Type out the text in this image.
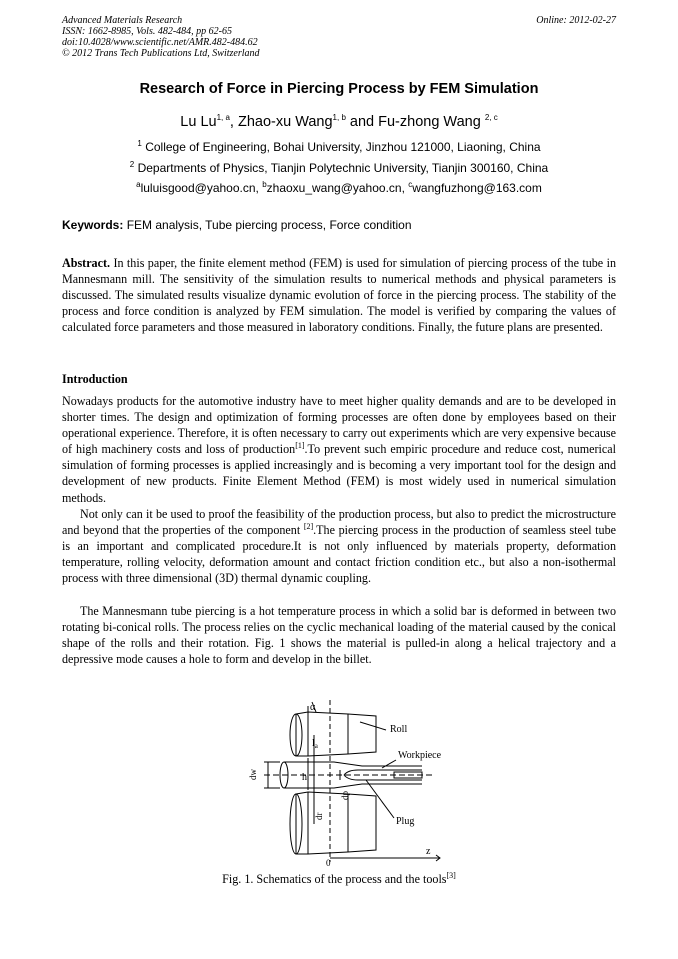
Advanced Materials Research
ISSN: 1662-8985, Vols. 482-484, pp 62-65
doi:10.4028/www.scientific.net/AMR.482-484.62
© 2012 Trans Tech Publications Ltd, Switzerland
Online: 2012-02-27
Research of Force in Piercing Process by FEM Simulation
Lu Lu$^{1, a}$, Zhao-xu Wang$^{1, b}$ and Fu-zhong Wang $^{2, c}$
$^1$ College of Engineering, Bohai University, Jinzhou 121000, Liaoning, China
$^2$ Departments of Physics, Tianjin Polytechnic University, Tianjin 300160, China
$^a$luluisgood@yahoo.cn, $^b$zhaoxu_wang@yahoo.cn, $^c$wangfuzhong@163.com
Keywords: FEM analysis, Tube piercing process, Force condition
Abstract. In this paper, the finite element method (FEM) is used for simulation of piercing process of the tube in Mannesmann mill. The sensitivity of the simulation results to numerical methods and physical parameters is discussed. The simulated results visualize dynamic evolution of force in the piercing process. The stability of the process and force condition is analyzed by FEM simulation. The model is verified by comparing the values of calculated force parameters and those measured in laboratory conditions. Finally, the future plans are presented.
Introduction
Nowadays products for the automotive industry have to meet higher quality demands and are to be developed in shorter times. The design and optimization of forming processes are often done by employees based on their operational experience. Therefore, it is often necessary to carry out experiments which are very expensive because of high machinery costs and loss of production[1].To prevent such empiric procedure and reduce cost, numerical simulation of forming processes is applied increasingly and is becoming a very important tool for the design and development of new products. Finite Element Method (FEM) is most widely used in numerical simulation methods.
Not only can it be used to proof the feasibility of the production process, but also to predict the microstructure and beyond that the properties of the component [2].The piercing process in the production of seamless steel tube is an important and complicated procedure.It is not only influenced by materials property, deformation temperature, rolling velocity, deformation amount and contact friction condition etc., but also a non-isothermal process with three dimensional (3D) thermal dynamic coupling.
The Mannesmann tube piercing is a hot temperature process in which a solid bar is deformed in between two rotating bi-conical rolls. The process relies on the cyclic mechanical loading of the material caused by the conical shape of the rolls and their rotation. Fig. 1 shows the material is pulled-in along a helical trajectory and a depressive mode causes a hole to form and develop in the billet.
α
Roll
$l_a$
Workpiece
dw	h
dp
dr	Plug
0
z
Fig. 1. Schematics of the process and the tools[3]
